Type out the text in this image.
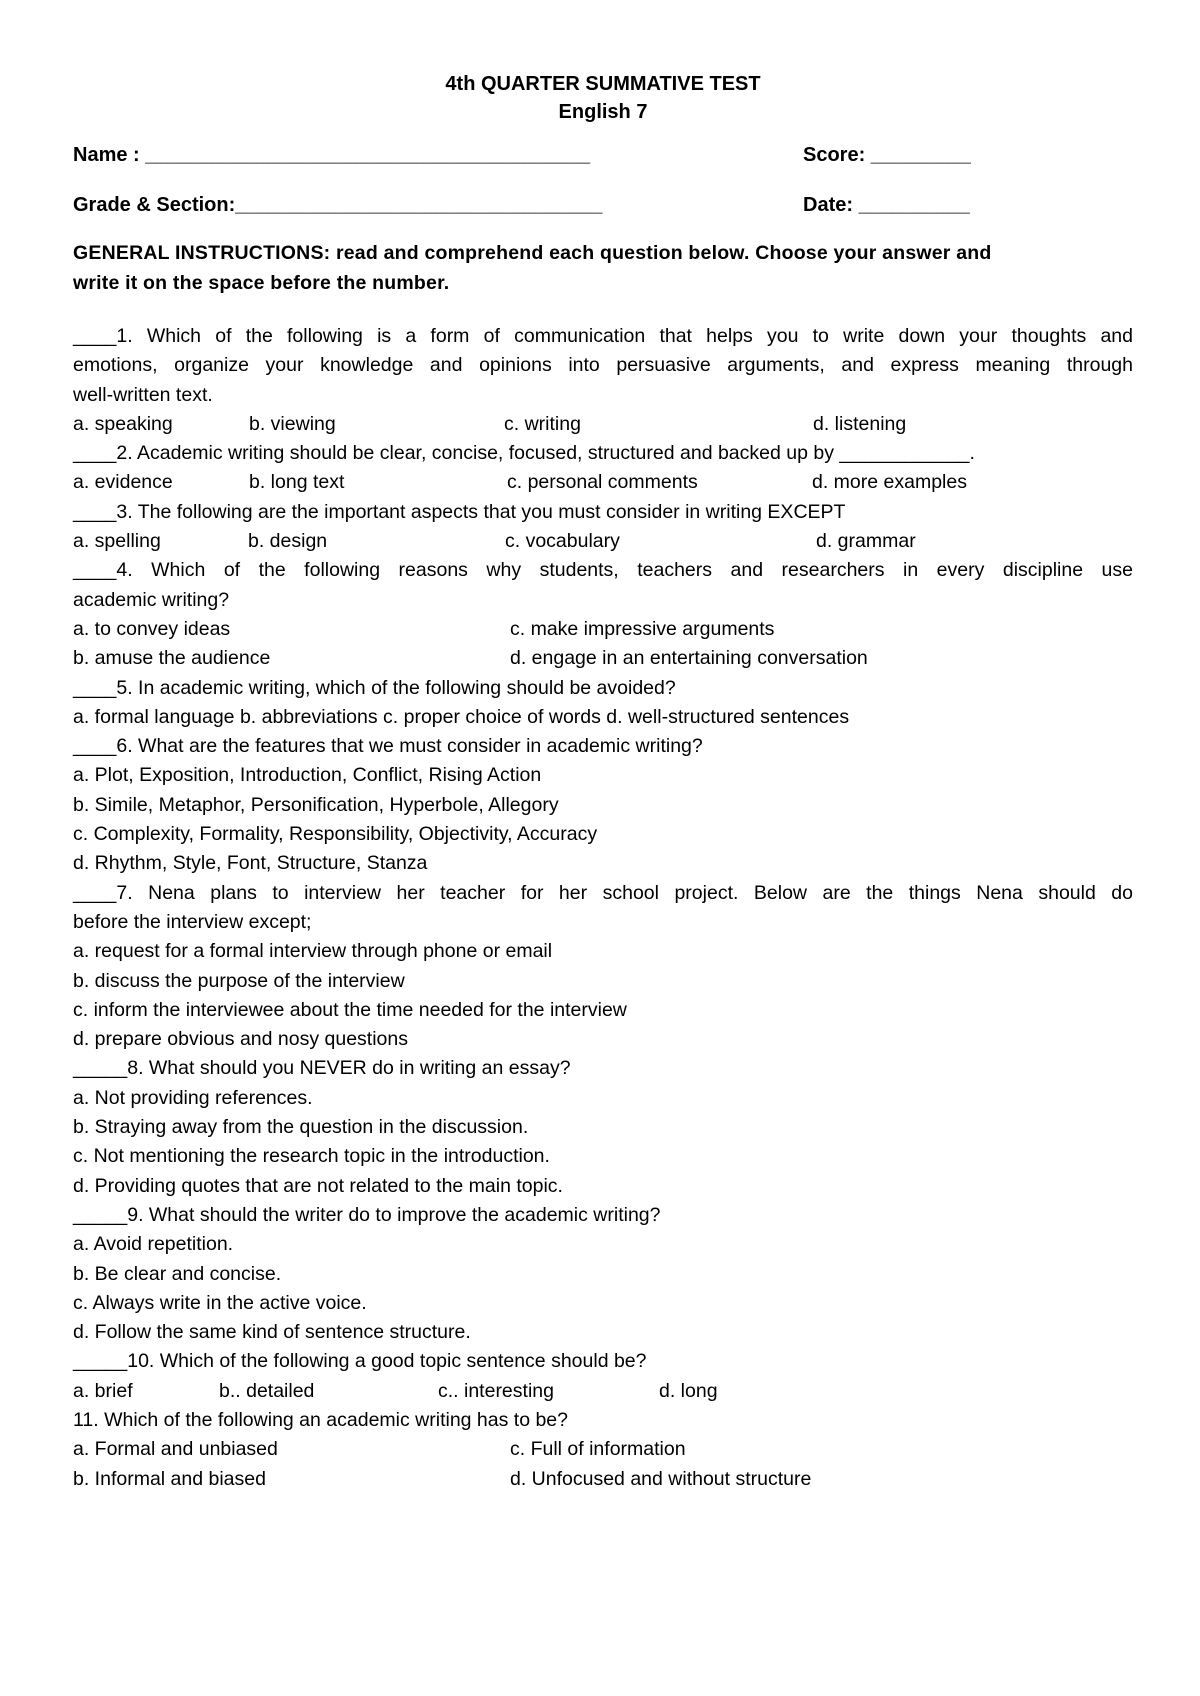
4th QUARTER SUMMATIVE TEST
English 7
Name : ________________________________________	Score: _________
Grade & Section:_________________________________	Date: __________
GENERAL INSTRUCTIONS: read and comprehend each question below. Choose your answer and
write it on the space before the number.
____1. Which of the following is a form of communication that helps you to write down your thoughts and
emotions, organize your knowledge and opinions into persuasive arguments, and express meaning through
well-written text.
a. speaking	b. viewing	c. writing	d. listening
____2. Academic writing should be clear, concise, focused, structured and backed up by ____________.
a. evidence	b. long text	c. personal comments	d. more examples
____3. The following are the important aspects that you must consider in writing EXCEPT
a. spelling	b. design	c. vocabulary	d. grammar
____4. Which of the following reasons why students, teachers and researchers in every discipline use
academic writing?
a. to convey ideas	c. make impressive arguments
b. amuse the audience	d. engage in an entertaining conversation
____5. In academic writing, which of the following should be avoided?
a. formal language b. abbreviations c. proper choice of words d. well-structured sentences
____6. What are the features that we must consider in academic writing?
a. Plot, Exposition, Introduction, Conflict, Rising Action
b. Simile, Metaphor, Personification, Hyperbole, Allegory
c. Complexity, Formality, Responsibility, Objectivity, Accuracy
d. Rhythm, Style, Font, Structure, Stanza
____7. Nena plans to interview her teacher for her school project. Below are the things Nena should do
before the interview except;
a. request for a formal interview through phone or email
b. discuss the purpose of the interview
c. inform the interviewee about the time needed for the interview
d. prepare obvious and nosy questions
_____8. What should you NEVER do in writing an essay?
a. Not providing references.
b. Straying away from the question in the discussion.
c. Not mentioning the research topic in the introduction.
d. Providing quotes that are not related to the main topic.
_____9. What should the writer do to improve the academic writing?
a. Avoid repetition.
b. Be clear and concise.
c. Always write in the active voice.
d. Follow the same kind of sentence structure.
_____10. Which of the following a good topic sentence should be?
a. brief	b.. detailed	c.. interesting	d. long
11. Which of the following an academic writing has to be?
a. Formal and unbiased	c. Full of information
b. Informal and biased	d. Unfocused and without structure
